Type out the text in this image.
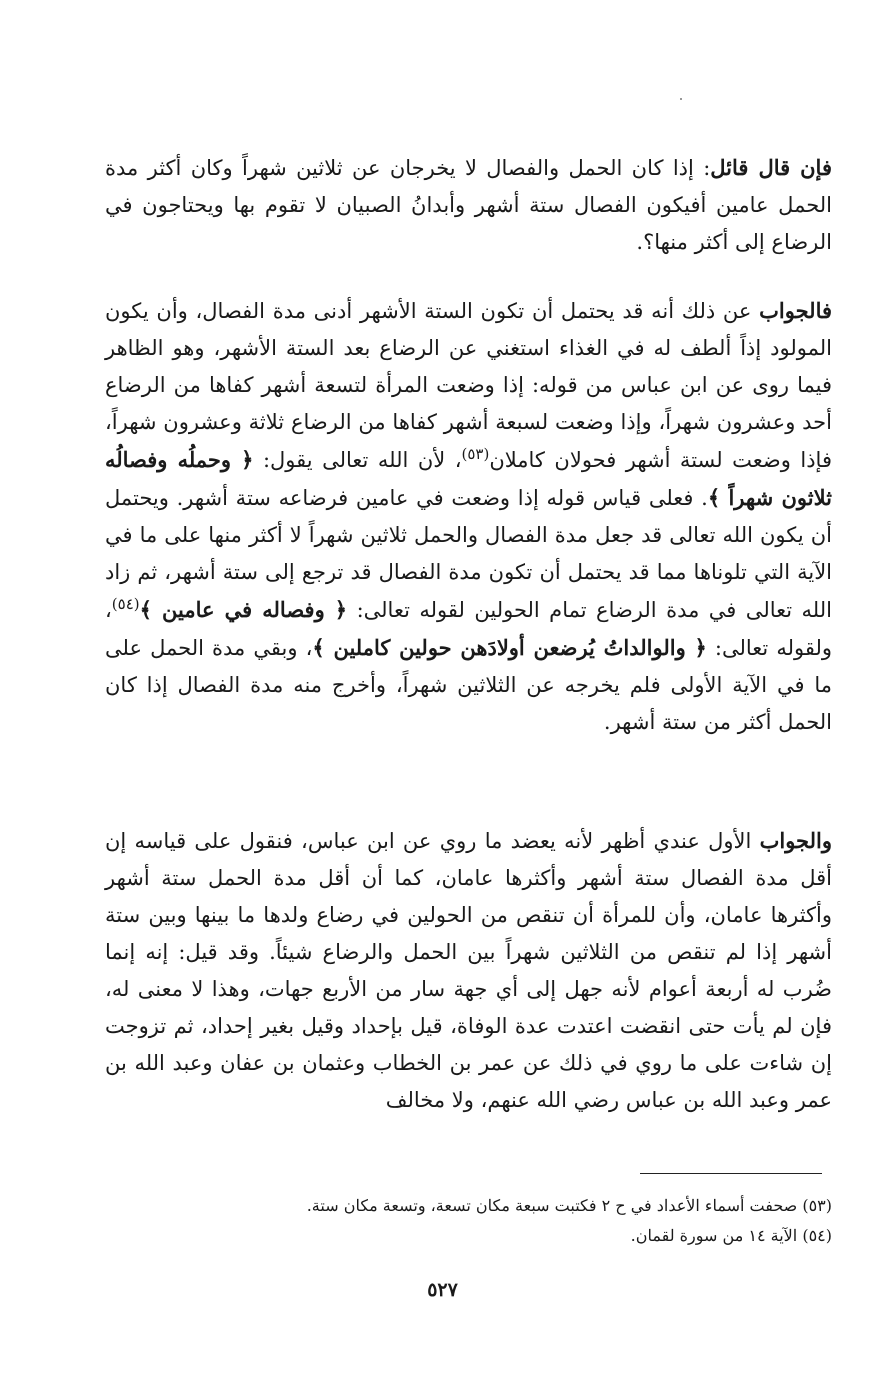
فإن قال قائل: إذا كان الحمل والفصال لا يخرجان عن ثلاثين شهراً وكان أكثر مدة الحمل عامين أفيكون الفصال ستة أشهر وأبدانُ الصبيان لا تقوم بها ويحتاجون في الرضاع إلى أكثر منها؟.

فالجواب عن ذلك أنه قد يحتمل أن تكون الستة الأشهر أدنى مدة الفصال، وأن يكون المولود إذاً ألطف له في الغذاء استغني عن الرضاع بعد الستة الأشهر، وهو الظاهر فيما روى عن ابن عباس من قوله: إذا وضعت المرأة لتسعة أشهر كفاها من الرضاع أحد وعشرون شهراً، وإذا وضعت لسبعة أشهر كفاها من الرضاع ثلاثة وعشرون شهراً، فإذا وضعت لستة أشهر فحولان كاملان$^{(٥٣)}$، لأن الله تعالى يقول: ﴿ وحملُه وفصالُه ثلاثون شهراً ﴾. فعلى قياس قوله إذا وضعت في عامين فرضاعه ستة أشهر. ويحتمل أن يكون الله تعالى قد جعل مدة الفصال والحمل ثلاثين شهراً لا أكثر منها على ما في الآية التي تلوناها مما قد يحتمل أن تكون مدة الفصال قد ترجع إلى ستة أشهر، ثم زاد الله تعالى في مدة الرضاع تمام الحولين لقوله تعالى: ﴿ وفصاله في عامين ﴾$^{(٥٤)}$، ولقوله تعالى: ﴿ والوالداتُ يُرضعن أولادَهن حولين كاملين ﴾، وبقي مدة الحمل على ما في الآية الأولى فلم يخرجه عن الثلاثين شهراً، وأخرج منه مدة الفصال إذا كان الحمل أكثر من ستة أشهر.

والجواب الأول عندي أظهر لأنه يعضد ما روي عن ابن عباس، فنقول على قياسه إن أقل مدة الفصال ستة أشهر وأكثرها عامان، كما أن أقل مدة الحمل ستة أشهر وأكثرها عامان، وأن للمرأة أن تنقص من الحولين في رضاع ولدها ما بينها وبين ستة أشهر إذا لم تنقص من الثلاثين شهراً بين الحمل والرضاع شيئاً. وقد قيل: إنه إنما ضُرب له أربعة أعوام لأنه جهل إلى أي جهة سار من الأربع جهات، وهذا لا معنى له، فإن لم يأت حتى انقضت اعتدت عدة الوفاة، قيل بإحداد وقيل بغير إحداد، ثم تزوجت إن شاءت على ما روي في ذلك عن عمر بن الخطاب وعثمان بن عفان وعبد الله بن عمر وعبد الله بن عباس رضي الله عنهم، ولا مخالف

(٥٣) صحفت أسماء الأعداد في ح ٢ فكتبت سبعة مكان تسعة، وتسعة مكان ستة.

(٥٤) الآية ١٤ من سورة لقمان.

٥٢٧
